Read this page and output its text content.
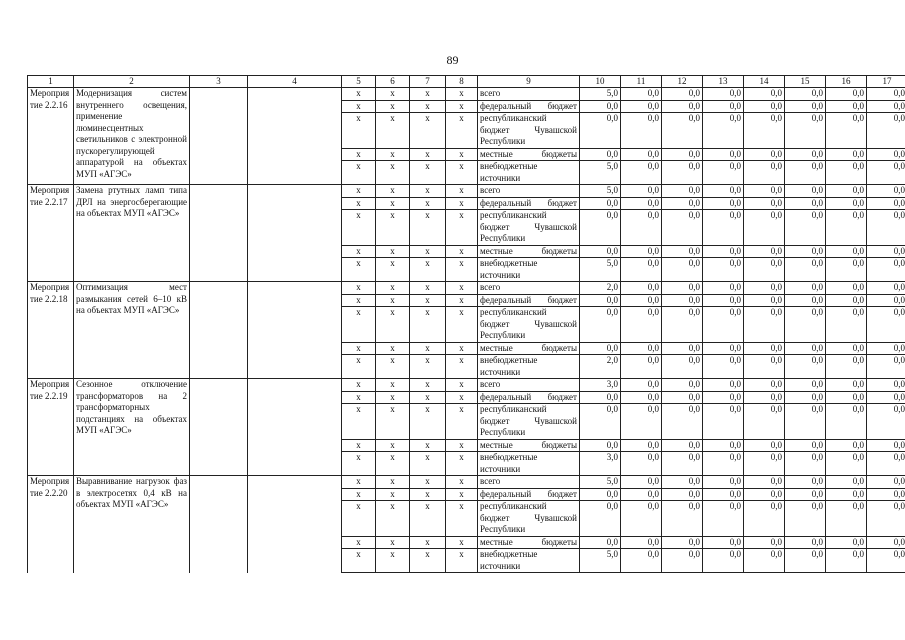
89
1	2	3	4	5	6	7	8	9	10	11	12	13	14	15	16	17
Мероприятие 2.2.16	Модернизация систем внутреннего освещения, применение люминесцентных светильников с электронной пускорегулирующей аппаратурой на объектах МУП «АГЭС»			х	х	х	х	всего	5,0	0,0	0,0	0,0	0,0	0,0	0,0	0,0
				х	х	х	х	федеральный бюджет	0,0	0,0	0,0	0,0	0,0	0,0	0,0	0,0
				х	х	х	х	республиканский бюджет Чувашской Республики	0,0	0,0	0,0	0,0	0,0	0,0	0,0	0,0
				х	х	х	х	местные бюджеты	0,0	0,0	0,0	0,0	0,0	0,0	0,0	0,0
				х	х	х	х	внебюджетные источники	5,0	0,0	0,0	0,0	0,0	0,0	0,0	0,0
Мероприятие 2.2.17	Замена ртутных ламп типа ДРЛ на энергосберегающие на объектах МУП «АГЭС»			х	х	х	х	всего	5,0	0,0	0,0	0,0	0,0	0,0	0,0	0,0
				х	х	х	х	федеральный бюджет	0,0	0,0	0,0	0,0	0,0	0,0	0,0	0,0
				х	х	х	х	республиканский бюджет Чувашской Республики	0,0	0,0	0,0	0,0	0,0	0,0	0,0	0,0
				х	х	х	х	местные бюджеты	0,0	0,0	0,0	0,0	0,0	0,0	0,0	0,0
				х	х	х	х	внебюджетные источники	5,0	0,0	0,0	0,0	0,0	0,0	0,0	0,0
Мероприятие 2.2.18	Оптимизация мест размыкания сетей 6–10 кВ на объектах МУП «АГЭС»			х	х	х	х	всего	2,0	0,0	0,0	0,0	0,0	0,0	0,0	0,0
				х	х	х	х	федеральный бюджет	0,0	0,0	0,0	0,0	0,0	0,0	0,0	0,0
				х	х	х	х	республиканский бюджет Чувашской Республики	0,0	0,0	0,0	0,0	0,0	0,0	0,0	0,0
				х	х	х	х	местные бюджеты	0,0	0,0	0,0	0,0	0,0	0,0	0,0	0,0
				х	х	х	х	внебюджетные источники	2,0	0,0	0,0	0,0	0,0	0,0	0,0	0,0
Мероприятие 2.2.19	Сезонное отключение трансформаторов на 2 трансформаторных подстанциях на объектах МУП «АГЭС»			х	х	х	х	всего	3,0	0,0	0,0	0,0	0,0	0,0	0,0	0,0
				х	х	х	х	федеральный бюджет	0,0	0,0	0,0	0,0	0,0	0,0	0,0	0,0
				х	х	х	х	республиканский бюджет Чувашской Республики	0,0	0,0	0,0	0,0	0,0	0,0	0,0	0,0
				х	х	х	х	местные бюджеты	0,0	0,0	0,0	0,0	0,0	0,0	0,0	0,0
				х	х	х	х	внебюджетные источники	3,0	0,0	0,0	0,0	0,0	0,0	0,0	0,0
Мероприятие 2.2.20	Выравнивание нагрузок фаз в электросетях 0,4 кВ на объектах МУП «АГЭС»			х	х	х	х	всего	5,0	0,0	0,0	0,0	0,0	0,0	0,0	0,0
				х	х	х	х	федеральный бюджет	0,0	0,0	0,0	0,0	0,0	0,0	0,0	0,0
				х	х	х	х	республиканский бюджет Чувашской Республики	0,0	0,0	0,0	0,0	0,0	0,0	0,0	0,0
				х	х	х	х	местные бюджеты	0,0	0,0	0,0	0,0	0,0	0,0	0,0	0,0
				х	х	х	х	внебюджетные источники	5,0	0,0	0,0	0,0	0,0	0,0	0,0	0,0
